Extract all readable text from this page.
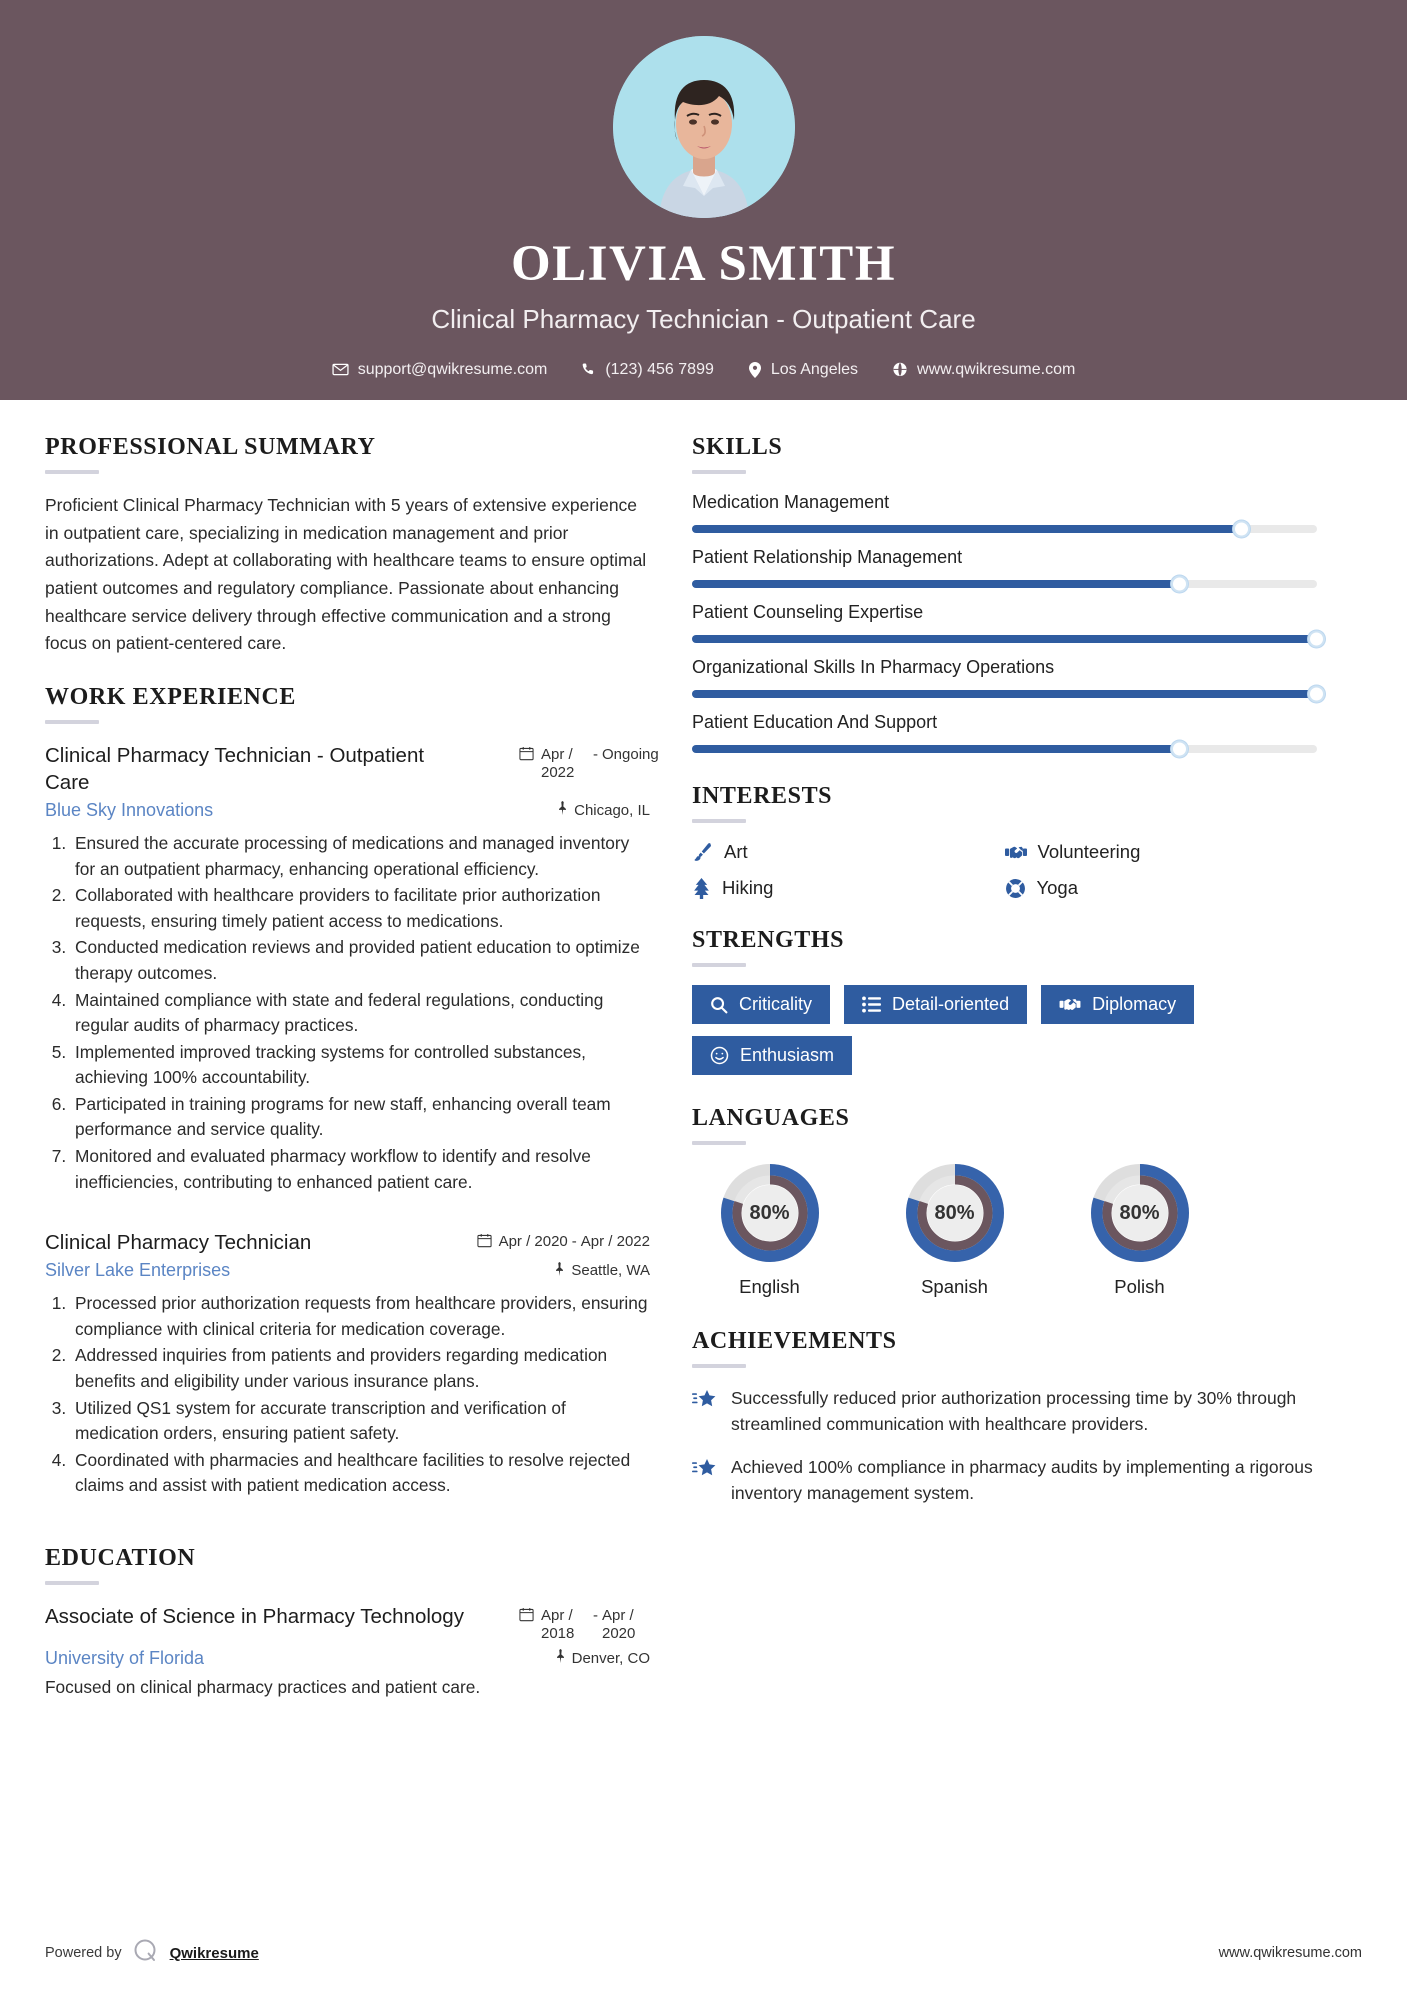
OLIVIA SMITH
Clinical Pharmacy Technician - Outpatient Care
support@qwikresume.com	(123) 456 7899	Los Angeles	www.qwikresume.com
PROFESSIONAL SUMMARY
Proficient Clinical Pharmacy Technician with 5 years of extensive experience in outpatient care, specializing in medication management and prior authorizations. Adept at collaborating with healthcare teams to ensure optimal patient outcomes and regulatory compliance. Passionate about enhancing healthcare service delivery through effective communication and a strong focus on patient-centered care.
WORK EXPERIENCE
Clinical Pharmacy Technician - Outpatient Care
Apr / 2022
- Ongoing
Blue Sky Innovations	Chicago, IL
1. Ensured the accurate processing of medications and managed inventory for an outpatient pharmacy, enhancing operational efficiency.
2. Collaborated with healthcare providers to facilitate prior authorization requests, ensuring timely patient access to medications.
3. Conducted medication reviews and provided patient education to optimize therapy outcomes.
4. Maintained compliance with state and federal regulations, conducting regular audits of pharmacy practices.
5. Implemented improved tracking systems for controlled substances, achieving 100% accountability.
6. Participated in training programs for new staff, enhancing overall team performance and service quality.
7. Monitored and evaluated pharmacy workflow to identify and resolve inefficiencies, contributing to enhanced patient care.
Clinical Pharmacy Technician	Apr / 2020 - Apr / 2022
Silver Lake Enterprises	Seattle, WA
1. Processed prior authorization requests from healthcare providers, ensuring compliance with clinical criteria for medication coverage.
2. Addressed inquiries from patients and providers regarding medication benefits and eligibility under various insurance plans.
3. Utilized QS1 system for accurate transcription and verification of medication orders, ensuring patient safety.
4. Coordinated with pharmacies and healthcare facilities to resolve rejected claims and assist with patient medication access.
EDUCATION
Associate of Science in Pharmacy Technology	Apr / 2018
- Apr / 2020
University of Florida	Denver, CO
Focused on clinical pharmacy practices and patient care.
SKILLS
Medication Management
Patient Relationship Management
Patient Counseling Expertise
Organizational Skills In Pharmacy Operations
Patient Education And Support
INTERESTS
Art	Volunteering
Hiking	Yoga
STRENGTHS
Criticality	Detail-oriented	Diplomacy
Enthusiasm
LANGUAGES
80%
English
80%
Spanish
80%
Polish
ACHIEVEMENTS
Successfully reduced prior authorization processing time by 30% through streamlined communication with healthcare providers.
Achieved 100% compliance in pharmacy audits by implementing a rigorous inventory management system.
Powered by	Qwikresume	www.qwikresume.com
